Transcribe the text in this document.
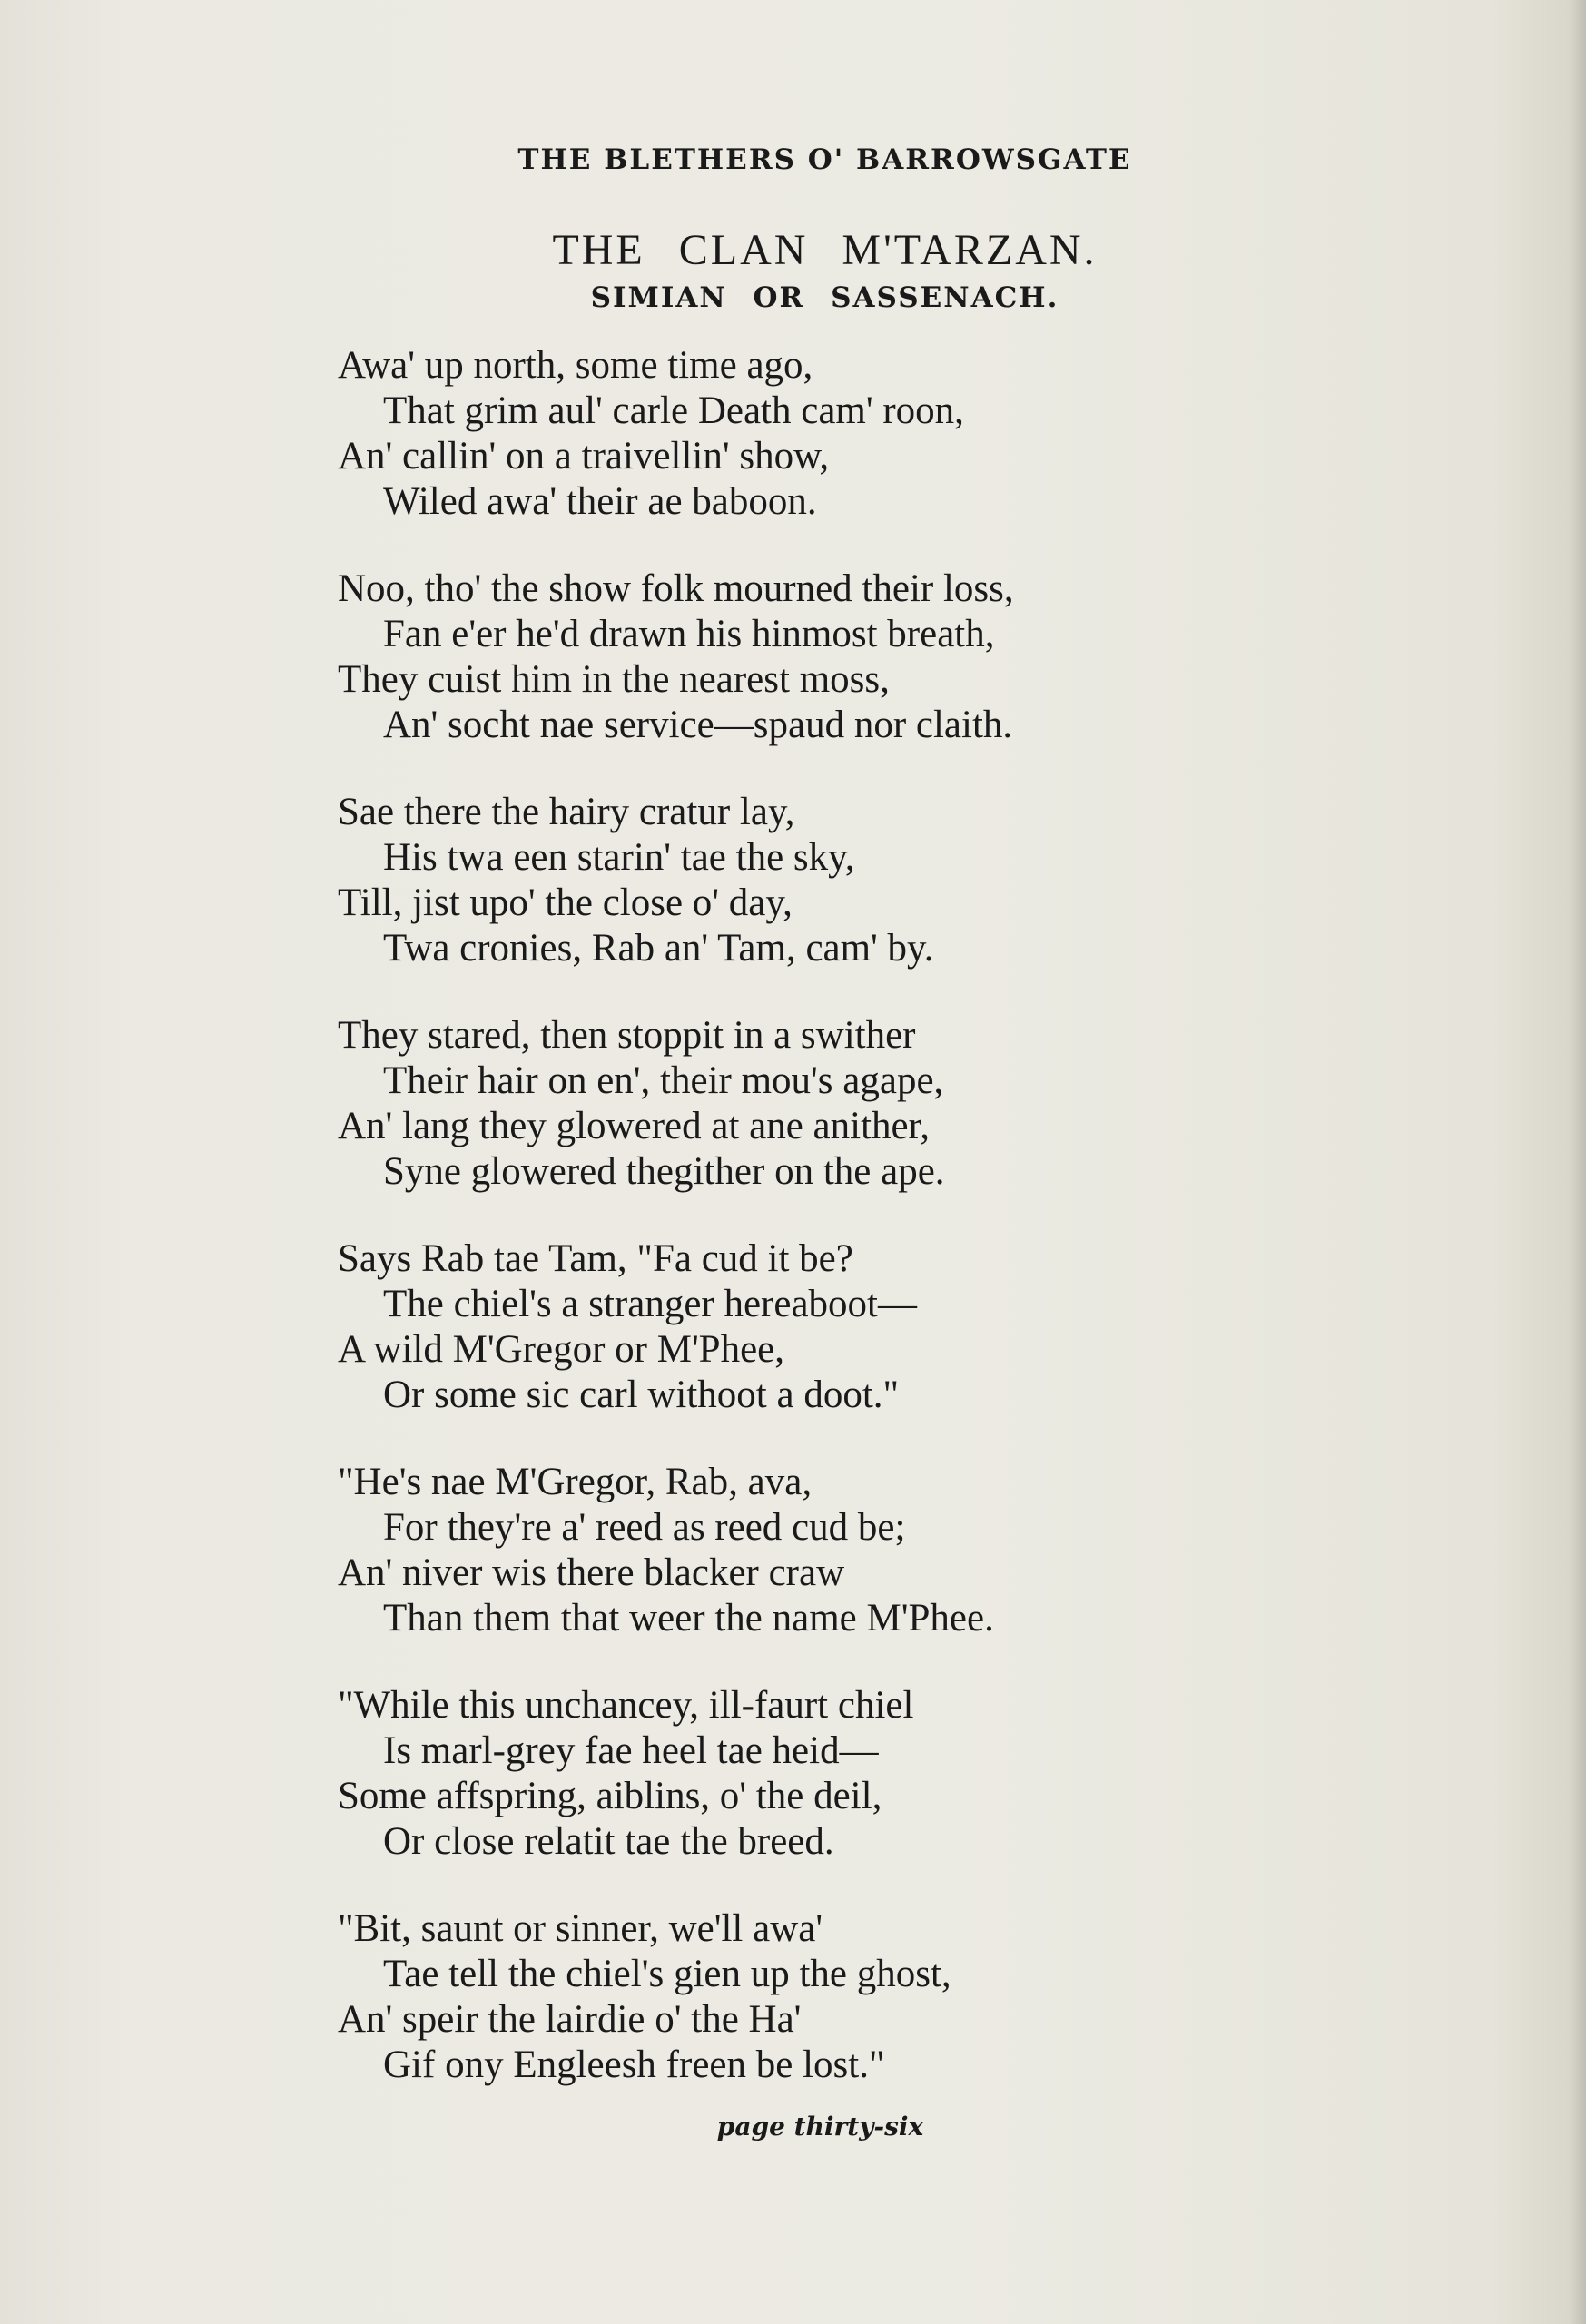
THE BLETHERS O' BARROWSGATE
THE CLAN M'TARZAN.
SIMIAN OR SASSENACH.
Awa' up north, some time ago,
That grim aul' carle Death cam' roon,
An' callin' on a traivellin' show,
Wiled awa' their ae baboon.
Noo, tho' the show folk mourned their loss,
Fan e'er he'd drawn his hinmost breath,
They cuist him in the nearest moss,
An' socht nae service—spaud nor claith.
Sae there the hairy cratur lay,
His twa een starin' tae the sky,
Till, jist upo' the close o' day,
Twa cronies, Rab an' Tam, cam' by.
They stared, then stoppit in a swither
Their hair on en', their mou's agape,
An' lang they glowered at ane anither,
Syne glowered thegither on the ape.
Says Rab tae Tam, "Fa cud it be?
The chiel's a stranger hereaboot—
A wild M'Gregor or M'Phee,
Or some sic carl withoot a doot."
"He's nae M'Gregor, Rab, ava,
For they're a' reed as reed cud be;
An' niver wis there blacker craw
Than them that weer the name M'Phee.
"While this unchancey, ill-faurt chiel
Is marl-grey fae heel tae heid—
Some affspring, aiblins, o' the deil,
Or close relatit tae the breed.
"Bit, saunt or sinner, we'll awa'
Tae tell the chiel's gien up the ghost,
An' speir the lairdie o' the Ha'
Gif ony Engleesh freen be lost."
page thirty-six
